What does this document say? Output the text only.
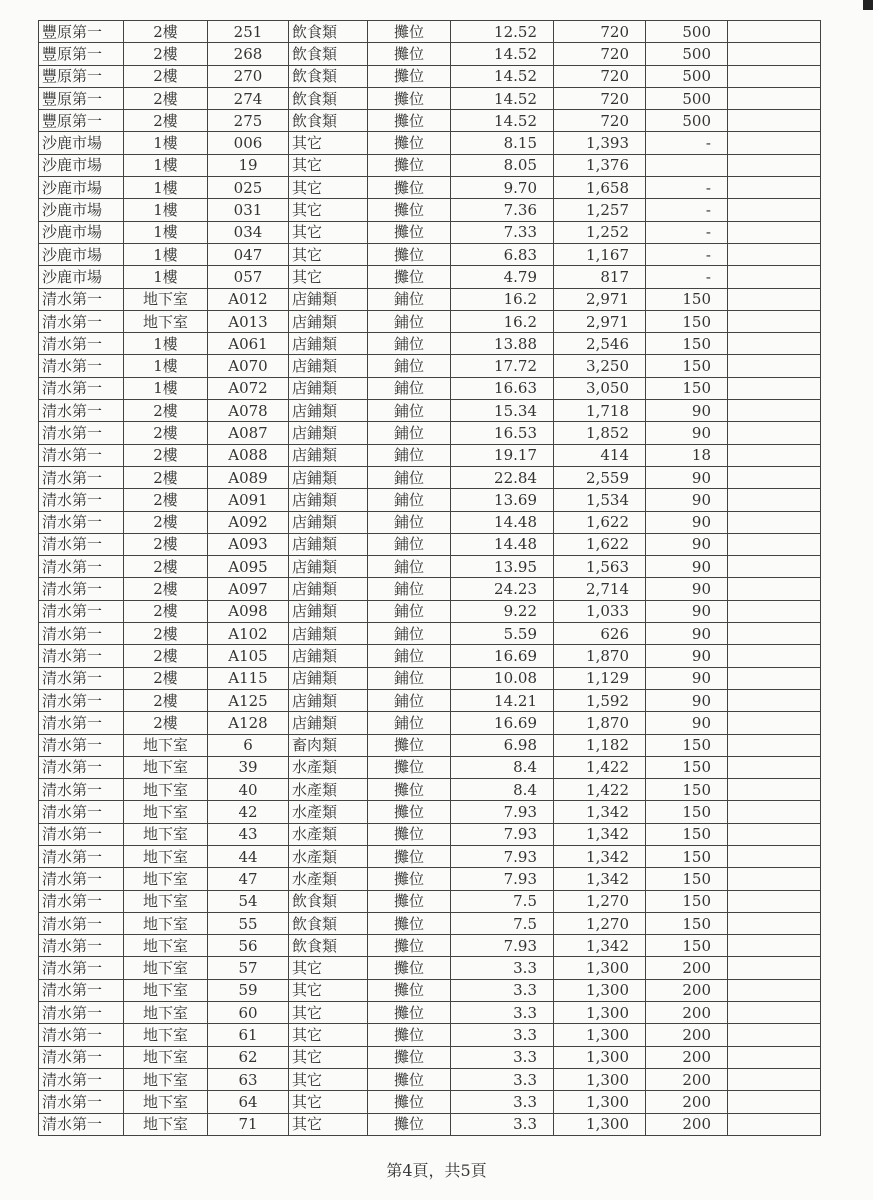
豐原第一	2樓	251	飲食類	攤位	12.52	720	500	
豐原第一	2樓	268	飲食類	攤位	14.52	720	500	
豐原第一	2樓	270	飲食類	攤位	14.52	720	500	
豐原第一	2樓	274	飲食類	攤位	14.52	720	500	
豐原第一	2樓	275	飲食類	攤位	14.52	720	500	
沙鹿市場	1樓	006	其它	攤位	8.15	1,393	-	
沙鹿市場	1樓	19	其它	攤位	8.05	1,376		
沙鹿市場	1樓	025	其它	攤位	9.70	1,658	-	
沙鹿市場	1樓	031	其它	攤位	7.36	1,257	-	
沙鹿市場	1樓	034	其它	攤位	7.33	1,252	-	
沙鹿市場	1樓	047	其它	攤位	6.83	1,167	-	
沙鹿市場	1樓	057	其它	攤位	4.79	817	-	
清水第一	地下室	A012	店鋪類	鋪位	16.2	2,971	150	
清水第一	地下室	A013	店鋪類	鋪位	16.2	2,971	150	
清水第一	1樓	A061	店鋪類	鋪位	13.88	2,546	150	
清水第一	1樓	A070	店鋪類	鋪位	17.72	3,250	150	
清水第一	1樓	A072	店鋪類	鋪位	16.63	3,050	150	
清水第一	2樓	A078	店鋪類	鋪位	15.34	1,718	90	
清水第一	2樓	A087	店鋪類	鋪位	16.53	1,852	90	
清水第一	2樓	A088	店鋪類	鋪位	19.17	414	18	
清水第一	2樓	A089	店鋪類	鋪位	22.84	2,559	90	
清水第一	2樓	A091	店鋪類	鋪位	13.69	1,534	90	
清水第一	2樓	A092	店鋪類	鋪位	14.48	1,622	90	
清水第一	2樓	A093	店鋪類	鋪位	14.48	1,622	90	
清水第一	2樓	A095	店鋪類	鋪位	13.95	1,563	90	
清水第一	2樓	A097	店鋪類	鋪位	24.23	2,714	90	
清水第一	2樓	A098	店鋪類	鋪位	9.22	1,033	90	
清水第一	2樓	A102	店鋪類	鋪位	5.59	626	90	
清水第一	2樓	A105	店鋪類	鋪位	16.69	1,870	90	
清水第一	2樓	A115	店鋪類	鋪位	10.08	1,129	90	
清水第一	2樓	A125	店鋪類	鋪位	14.21	1,592	90	
清水第一	2樓	A128	店鋪類	鋪位	16.69	1,870	90	
清水第一	地下室	6	畜肉類	攤位	6.98	1,182	150	
清水第一	地下室	39	水產類	攤位	8.4	1,422	150	
清水第一	地下室	40	水產類	攤位	8.4	1,422	150	
清水第一	地下室	42	水產類	攤位	7.93	1,342	150	
清水第一	地下室	43	水產類	攤位	7.93	1,342	150	
清水第一	地下室	44	水產類	攤位	7.93	1,342	150	
清水第一	地下室	47	水產類	攤位	7.93	1,342	150	
清水第一	地下室	54	飲食類	攤位	7.5	1,270	150	
清水第一	地下室	55	飲食類	攤位	7.5	1,270	150	
清水第一	地下室	56	飲食類	攤位	7.93	1,342	150	
清水第一	地下室	57	其它	攤位	3.3	1,300	200	
清水第一	地下室	59	其它	攤位	3.3	1,300	200	
清水第一	地下室	60	其它	攤位	3.3	1,300	200	
清水第一	地下室	61	其它	攤位	3.3	1,300	200	
清水第一	地下室	62	其它	攤位	3.3	1,300	200	
清水第一	地下室	63	其它	攤位	3.3	1,300	200	
清水第一	地下室	64	其它	攤位	3.3	1,300	200	
清水第一	地下室	71	其它	攤位	3.3	1,300	200	
第4頁，共5頁
